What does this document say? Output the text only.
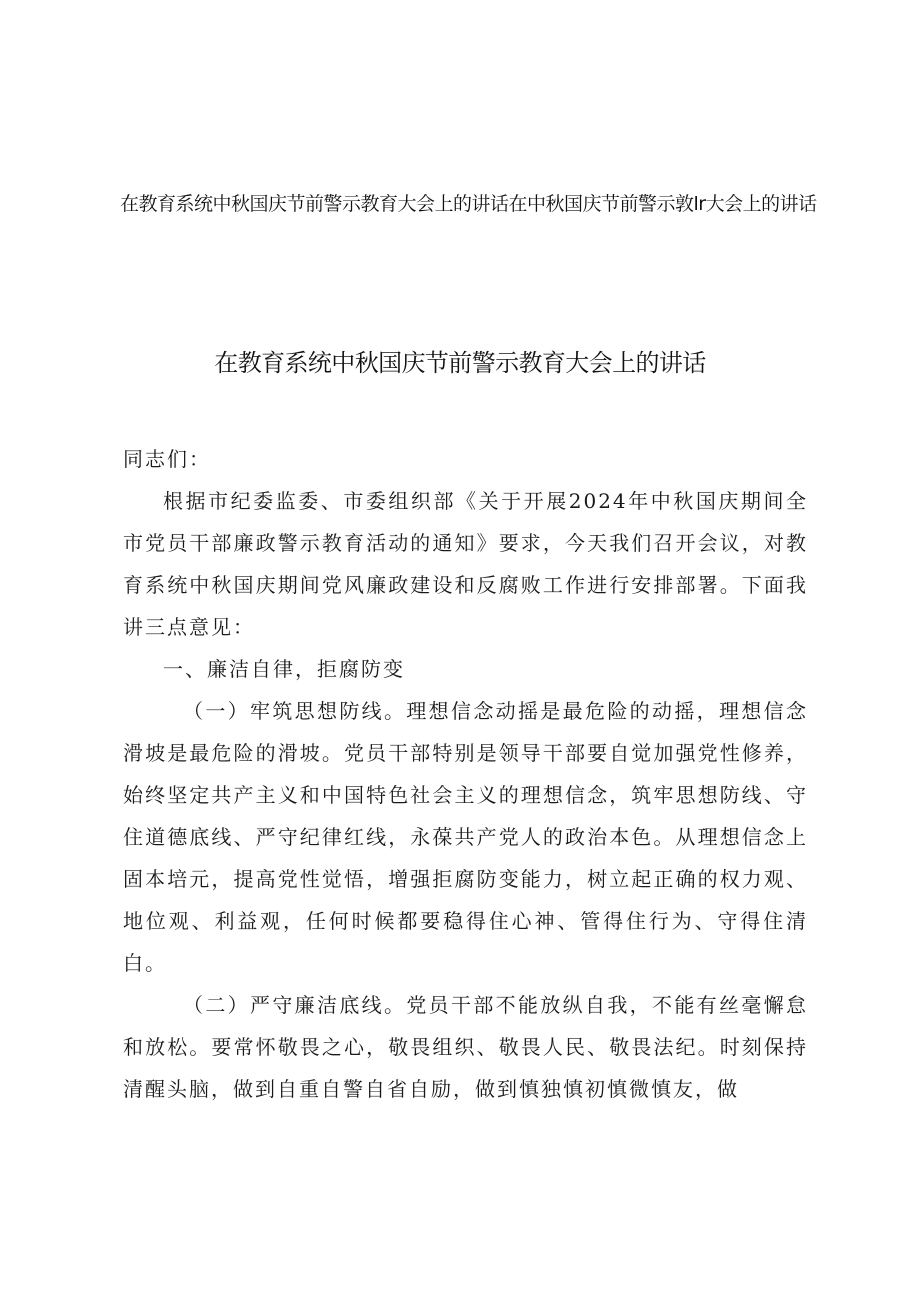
在教育系统中秋国庆节前警示教育大会上的讲话在中秋国庆节前警示敦lr大会上的讲话
在教育系统中秋国庆节前警示教育大会上的讲话

同志们：

根据市纪委监委、市委组织部《关于开展2024年中秋国庆期间全市党员干部廉政警示教育活动的通知》要求，今天我们召开会议，对教育系统中秋国庆期间党风廉政建设和反腐败工作进行安排部署。下面我讲三点意见：

一、廉洁自律，拒腐防变

（一）牢筑思想防线。理想信念动摇是最危险的动摇，理想信念滑坡是最危险的滑坡。党员干部特别是领导干部要自觉加强党性修养，始终坚定共产主义和中国特色社会主义的理想信念，筑牢思想防线、守住道德底线、严守纪律红线，永葆共产党人的政治本色。从理想信念上固本培元，提高党性觉悟，增强拒腐防变能力，树立起正确的权力观、地位观、利益观，任何时候都要稳得住心神、管得住行为、守得住清白。

（二）严守廉洁底线。党员干部不能放纵自我，不能有丝毫懈怠和放松。要常怀敬畏之心，敬畏组织、敬畏人民、敬畏法纪。时刻保持清醒头脑，做到自重自警自省自励，做到慎独慎初慎微慎友，做
